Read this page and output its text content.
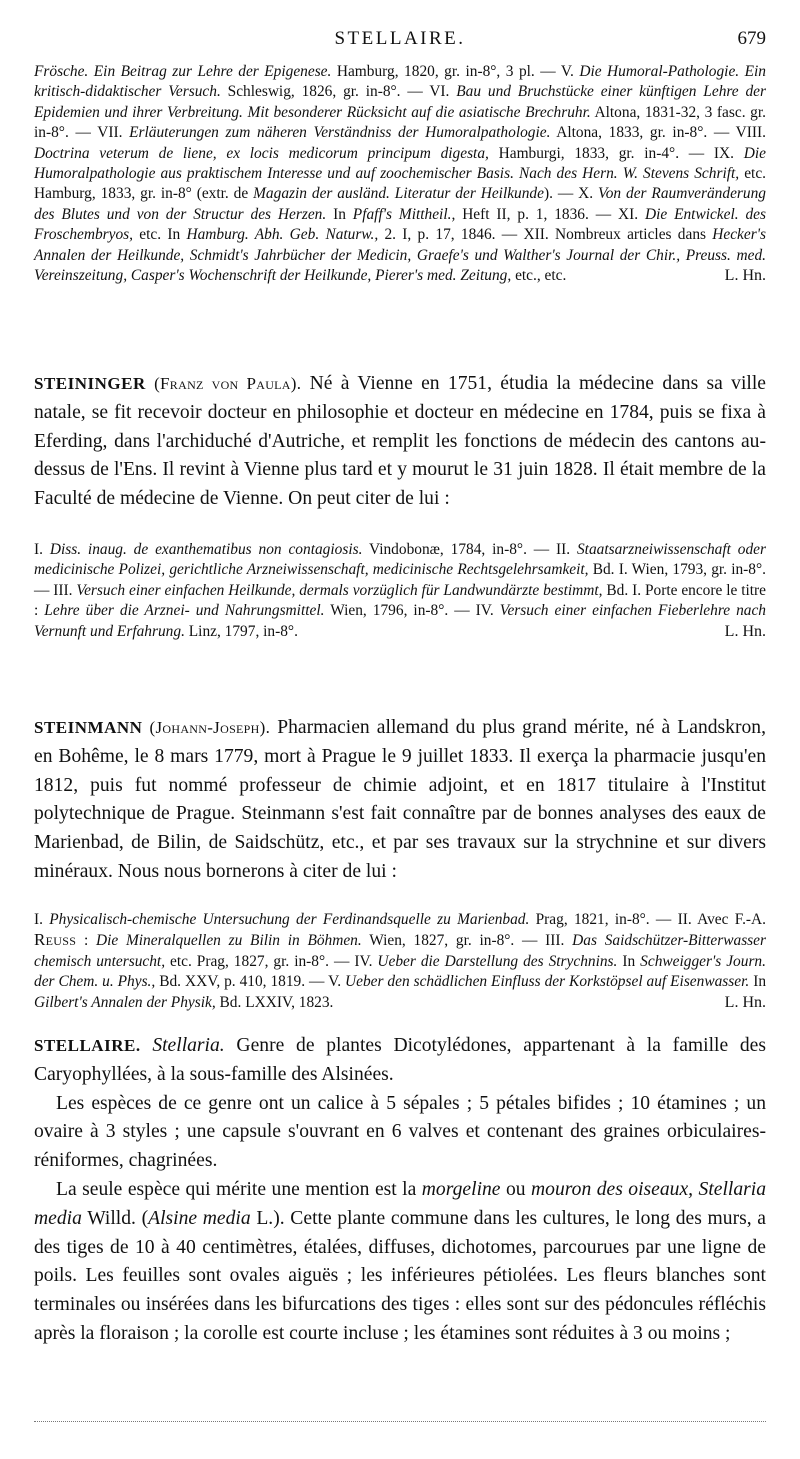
STELLAIRE.	679

Frösche. Ein Beitrag zur Lehre der Epigenese. Hamburg, 1820, gr. in-8°, 3 pl. — V. Die Humoral-Pathologie. Ein kritisch-didaktischer Versuch. Schleswig, 1826, gr. in-8°. — VI. Bau und Bruchstücke einer künftigen Lehre der Epidemien und ihrer Verbreitung. Mit besonderer Rücksicht auf die asiatische Brechruhr. Altona, 1831-32, 3 fasc. gr. in-8°. — VII. Erläuterungen zum näheren Verständniss der Humoralpathologie. Altona, 1833, gr. in-8°. — VIII. Doctrina veterum de liene, ex locis medicorum principum digesta, Hamburgi, 1833, gr. in-4°. — IX. Die Humoralpathologie aus praktischem Interesse und auf zoochemischer Basis. Nach des Hern. W. Stevens Schrift, etc. Hamburg, 1833, gr. in-8° (extr. de Magazin der ausländ. Literatur der Heilkunde). — X. Von der Raumveränderung des Blutes und von der Structur des Herzen. In Pfaff's Mittheil., Heft II, p. 1, 1836. — XI. Die Entwickel. des Froschembryos, etc. In Hamburg. Abh. Geb. Naturw., 2. I, p. 17, 1846. — XII. Nombreux articles dans Hecker's Annalen der Heilkunde, Schmidt's Jahrbücher der Medicin, Graefe's und Walther's Journal der Chir., Preuss. med. Vereinszeitung, Casper's Wochenschrift der Heilkunde, Pierer's med. Zeitung, etc., etc.	L. Hn.

STEININGER (Franz von Paula). Né à Vienne en 1751, étudia la médecine dans sa ville natale, se fit recevoir docteur en philosophie et docteur en médecine en 1784, puis se fixa à Eferding, dans l'archiduché d'Autriche, et remplit les fonctions de médecin des cantons au-dessus de l'Ens. Il revint à Vienne plus tard et y mourut le 31 juin 1828. Il était membre de la Faculté de médecine de Vienne. On peut citer de lui :

I. Diss. inaug. de exanthematibus non contagiosis. Vindobonæ, 1784, in-8°. — II. Staatsarzneiwissenschaft oder medicinische Polizei, gerichtliche Arzneiwissenschaft, medicinische Rechtsgelehrsamkeit, Bd. I. Wien, 1793, gr. in-8°. — III. Versuch einer einfachen Heilkunde, dermals vorzüglich für Landwundärzte bestimmt, Bd. I. Porte encore le titre : Lehre über die Arznei- und Nahrungsmittel. Wien, 1796, in-8°. — IV. Versuch einer einfachen Fieberlehre nach Vernunft und Erfahrung. Linz, 1797, in-8°.	L. Hn.

STEINMANN (Johann-Joseph). Pharmacien allemand du plus grand mérite, né à Landskron, en Bohême, le 8 mars 1779, mort à Prague le 9 juillet 1833. Il exerça la pharmacie jusqu'en 1812, puis fut nommé professeur de chimie adjoint, et en 1817 titulaire à l'Institut polytechnique de Prague. Steinmann s'est fait connaître par de bonnes analyses des eaux de Marienbad, de Bilin, de Saidschütz, etc., et par ses travaux sur la strychnine et sur divers minéraux. Nous nous bornerons à citer de lui :

I. Physicalisch-chemische Untersuchung der Ferdinandsquelle zu Marienbad. Prag, 1821, in-8°. — II. Avec F.-A. Reuss : Die Mineralquellen zu Bilin in Böhmen. Wien, 1827, gr. in-8°. — III. Das Saidschützer-Bitterwasser chemisch untersucht, etc. Prag, 1827, gr. in-8°. — IV. Ueber die Darstellung des Strychnins. In Schweigger's Journ. der Chem. u. Phys., Bd. XXV, p. 410, 1819. — V. Ueber den schädlichen Einfluss der Korkstöpsel auf Eisenwasser. In Gilbert's Annalen der Physik, Bd. LXXIV, 1823.	L. Hn.

STELLAIRE. Stellaria. Genre de plantes Dicotylédones, appartenant à la famille des Caryophyllées, à la sous-famille des Alsinées.

Les espèces de ce genre ont un calice à 5 sépales ; 5 pétales bifides ; 10 étamines ; un ovaire à 3 styles ; une capsule s'ouvrant en 6 valves et contenant des graines orbiculaires-réniformes, chagrinées.

La seule espèce qui mérite une mention est la morgeline ou mouron des oiseaux, Stellaria media Willd. (Alsine media L.). Cette plante commune dans les cultures, le long des murs, a des tiges de 10 à 40 centimètres, étalées, diffuses, dichotomes, parcourues par une ligne de poils. Les feuilles sont ovales aiguës ; les inférieures pétiolées. Les fleurs blanches sont terminales ou insérées dans les bifurcations des tiges : elles sont sur des pédoncules réfléchis après la floraison ; la corolle est courte incluse ; les étamines sont réduites à 3 ou moins ;
